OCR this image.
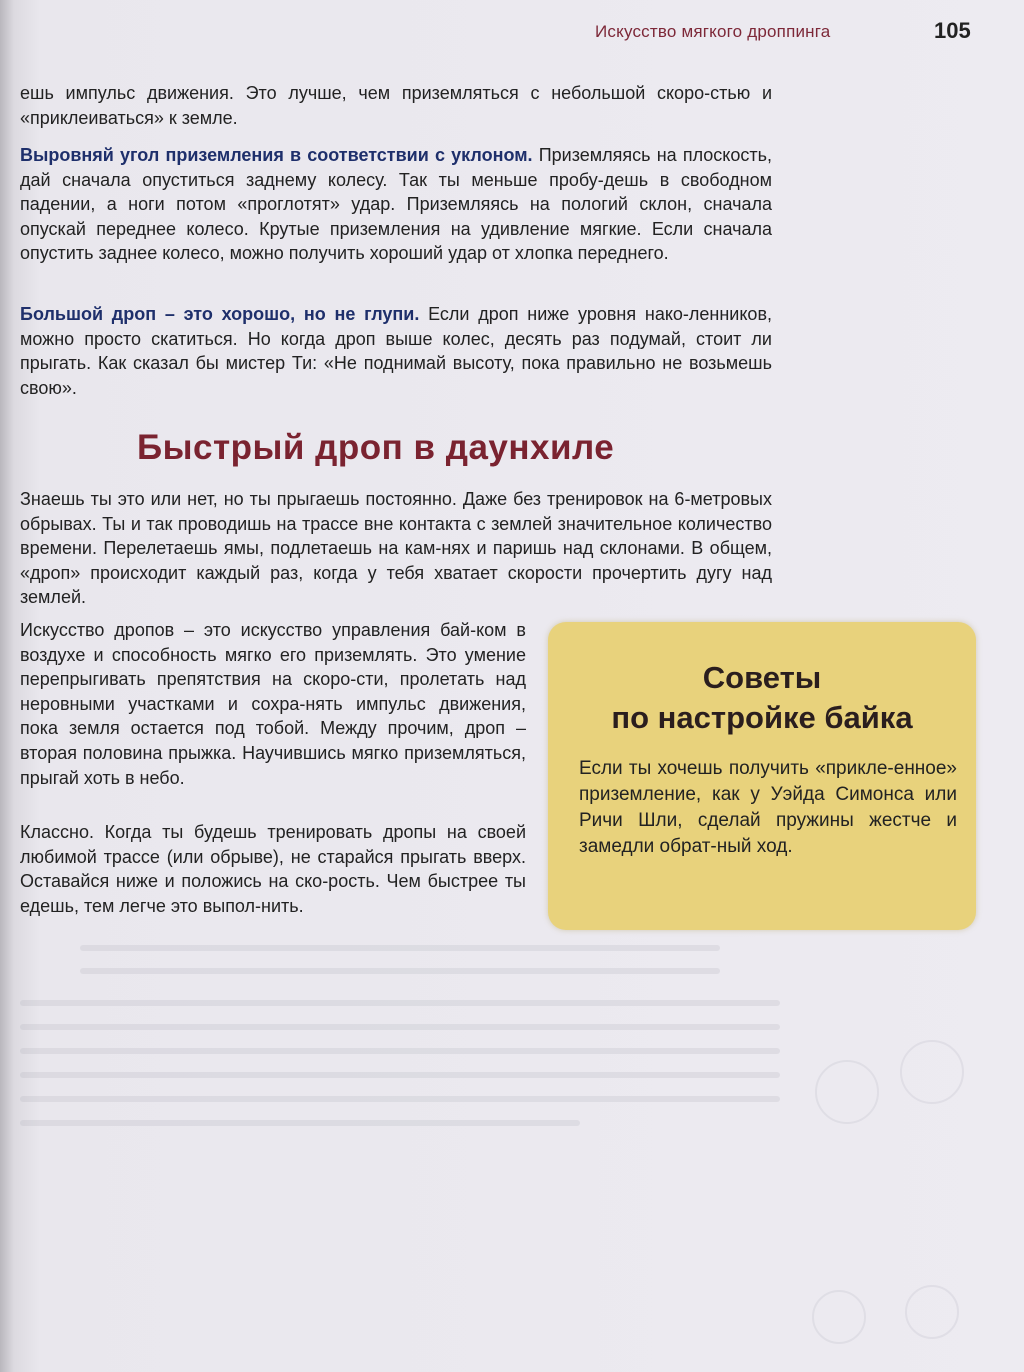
Искусство мягкого дроппинга	105

ешь импульс движения. Это лучше, чем приземляться с небольшой скоро-стью и «приклеиваться» к земле.

Выровняй угол приземления в соответствии с уклоном. Приземляясь на плоскость, дай сначала опуститься заднему колесу. Так ты меньше пробу-дешь в свободном падении, а ноги потом «проглотят» удар. Приземляясь на пологий склон, сначала опускай переднее колесо. Крутые приземления на удивление мягкие. Если сначала опустить заднее колесо, можно получить хороший удар от хлопка переднего.

Большой дроп – это хорошо, но не глупи. Если дроп ниже уровня нако-ленников, можно просто скатиться. Но когда дроп выше колес, десять раз подумай, стоит ли прыгать. Как сказал бы мистер Ти: «Не поднимай высоту, пока правильно не возьмешь свою».

Быстрый дроп в даунхиле

Знаешь ты это или нет, но ты прыгаешь постоянно. Даже без тренировок на 6-метровых обрывах. Ты и так проводишь на трассе вне контакта с землей значительное количество времени. Перелетаешь ямы, подлетаешь на кам-нях и паришь над склонами. В общем, «дроп» происходит каждый раз, когда у тебя хватает скорости прочертить дугу над землей.

Искусство дропов – это искусство управления бай-ком в воздухе и способность мягко его приземлять. Это умение перепрыгивать препятствия на скоро-сти, пролетать над неровными участками и сохра-нять импульс движения, пока земля остается под тобой. Между прочим, дроп – вторая половина прыжка. Научившись мягко приземляться, прыгай хоть в небо.

Классно. Когда ты будешь тренировать дропы на своей любимой трассе (или обрыве), не старайся прыгать вверх. Оставайся ниже и положись на ско-рость. Чем быстрее ты едешь, тем легче это выпол-нить.

Советы
по настройке байка

Если ты хочешь получить «прикле-енное» приземление, как у Уэйда Симонса или Ричи Шли, сделай пружины жестче и замедли обрат-ный ход.
